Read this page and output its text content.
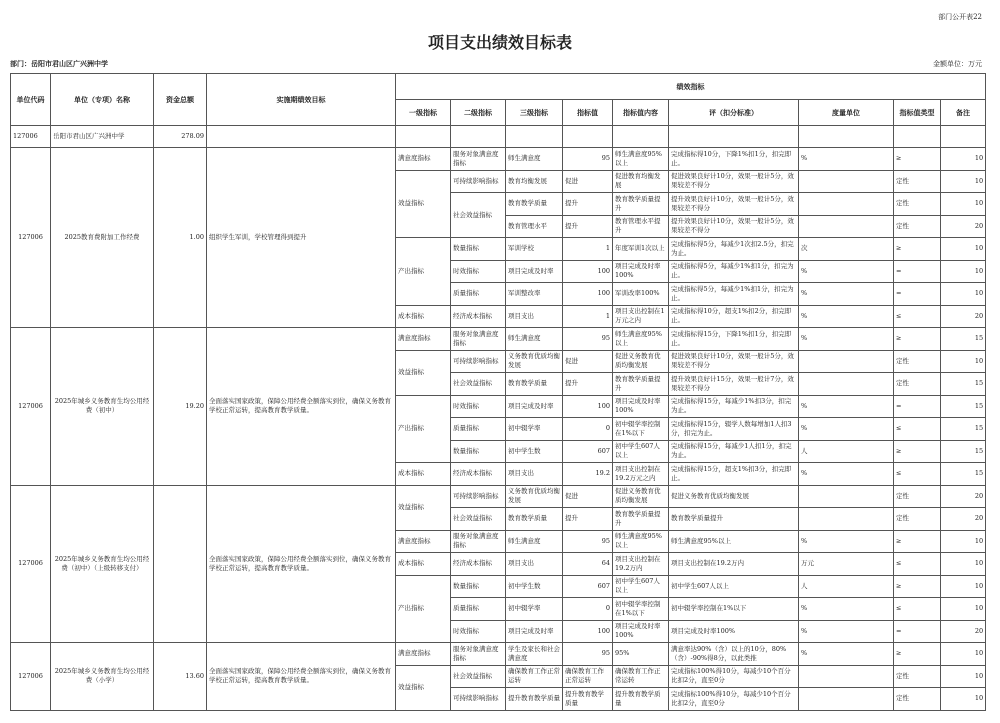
部门公开表22
项目支出绩效目标表
部门：岳阳市君山区广兴洲中学	金额单位：万元
单位代码	单位（专项）名称	资金总额	实施期绩效目标	绩效指标								
				一级指标	二级指标	三级指标	指标值	指标值内容	评（扣分标准）	度量单位	指标值类型	备注
127006	岳阳市君山区广兴洲中学	278.09										
127006	2025教育费附加工作经费	1.00	组织学生军训，学校管理得到提升	满意度指标	服务对象满意度指标	师生满意度	95	师生满意度95%以上	完成指标得10分，下降1%扣1分，扣完即止。	%	≥	10
				效益指标	可持续影响指标	教育均衡发展	促进	促进教育均衡发展	促进效果良好计10分，效果一般计5分，效果较差不得分		定性	10
					社会效益指标	教育教学质量	提升	教育教学质量提升	提升效果良好计10分，效果一般计5分，效果较差不得分		定性	10
						教育管理水平	提升	教育管理水平提升	提升效果良好计10分，效果一般计5分，效果较差不得分		定性	20
				产出指标	数量指标	军训学校	1	年度军训1次以上	完成指标得5分，每减少1次扣2.5分，扣完为止。	次	≥	10
					时效指标	项目完成及时率	100	项目完成及时率100%	完成指标得5分，每减少1%扣1分，扣完为止。	%	=	10
					质量指标	军训整改率	100	军训改率100%	完成指标得5分，每减少1%扣1分，扣完为止。	%	=	10
				成本指标	经济成本指标	项目支出	1	项目支出控制在1万元之内	完成指标得10分，超支1%扣2分，扣完即止。	%	≤	20
127006	2025年城乡义务教育生均公用经费（初中）	19.20	全面落实国家政策，保障公用经费全额落实到位，确保义务教育学校正常运转，提高教育教学质量。	满意度指标	服务对象满意度指标	师生满意度	95	师生满意度95%以上	完成指标得15分，下降1%扣1分，扣完即止。	%	≥	15
				效益指标	可持续影响指标	义务教育优质均衡发展	促进	促进义务教育优质均衡发展	促进效果良好计10分，效果一般计5分，效果较差不得分		定性	10
					社会效益指标	教育教学质量	提升	教育教学质量提升	提升效果良好计15分，效果一般计7分，效果较差不得分		定性	15
				产出指标	时效指标	项目完成及时率	100	项目完成及时率100%	完成指标得15分，每减少1%扣3分，扣完为止。	%	=	15
					质量指标	初中辍学率	0	初中辍学率控制在1%以下	完成指标得15分，辍学人数每增加1人扣3分，扣完为止。	%	≤	15
					数量指标	初中学生数	607	初中学生607人以上	完成指标得15分，每减少1人扣1分，扣完为止。	人	≥	15
				成本指标	经济成本指标	项目支出	19.2	项目支出控制在19.2万元之内	完成指标得15分，超支1%扣3分，扣完即止。	%	≤	15
127006	2025年城乡义务教育生均公用经费（初中）（上级转移支付）		全面落实国家政策，保障公用经费全额落实到位，确保义务教育学校正常运转，提高教育教学质量。	效益指标	可持续影响指标	义务教育优质均衡发展	促进	促进义务教育优质均衡发展	促进义务教育优质均衡发展		定性	20
					社会效益指标	教育教学质量	提升	教育教学质量提升	教育教学质量提升		定性	20
				满意度指标	服务对象满意度指标	师生满意度	95	师生满意度95%以上	师生满意度95%以上	%	≥	10
				成本指标	经济成本指标	项目支出	64	项目支出控制在19.2万内	项目支出控制在19.2万内	万元	≤	10
				产出指标	数量指标	初中学生数	607	初中学生607人以上	初中学生607人以上	人	≥	10
					质量指标	初中辍学率	0	初中辍学率控制在1%以下	初中辍学率控制在1%以下	%	≤	10
					时效指标	项目完成及时率	100	项目完成及时率100%	项目完成及时率100%	%	=	20
127006	2025年城乡义务教育生均公用经费（小学）	13.60	全面落实国家政策，保障公用经费全额落实到位，确保义务教育学校正常运转，提高教育教学质量。	满意度指标	服务对象满意度指标	学生及家长和社会满意度	95	95%	满意率达90%（含）以上的10分，80%（含）-90%得8分，以此类推	%	≥	10
				效益指标	社会效益指标	确保教育工作正常运转	确保教育工作正常运转	确保教育工作正常运转	完成指标100%得10分，每减少10个百分比扣2分，直至0分		定性	10
					可持续影响指标	提升教育教学质量	提升教育教学质量	提升教育教学质量	完成指标100%得10分，每减少10个百分比扣2分，直至0分		定性	10
